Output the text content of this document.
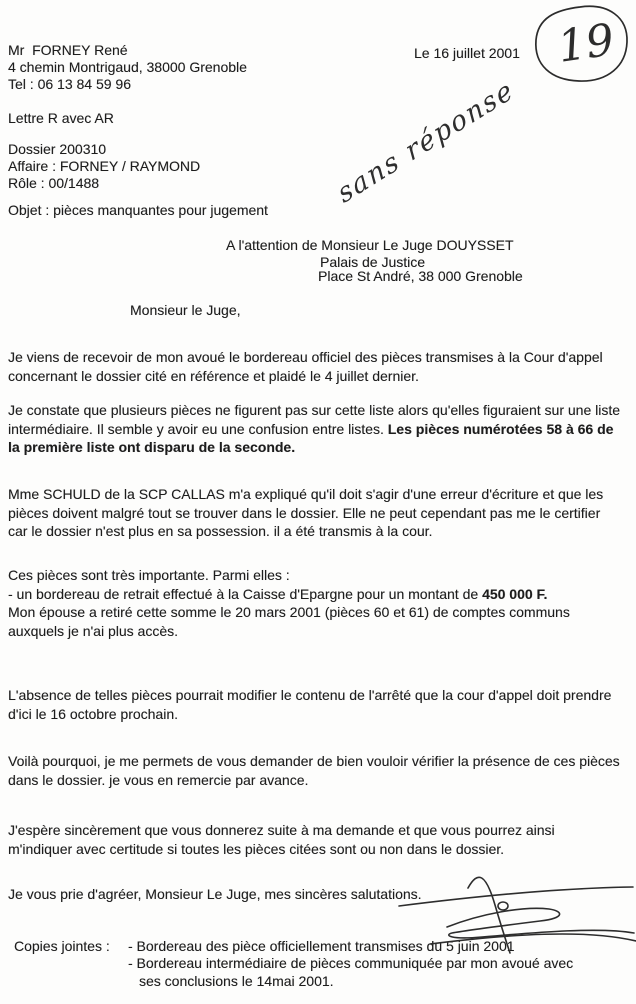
Mr  FORNEY René
4 chemin Montrigaud, 38000 Grenoble
Tel : 06 13 84 59 96
Le 16 juillet 2001 19
sans réponse
Lettre R avec AR
Dossier 200310
Affaire : FORNEY / RAYMOND
Rôle : 00/1488
Objet : pièces manquantes pour jugement
A l'attention de Monsieur Le Juge DOUYSSET
Palais de Justice
Place St André, 38 000 Grenoble
Monsieur le Juge,
Je viens de recevoir de mon avoué le bordereau officiel des pièces transmises à la Cour d'appel concernant le dossier cité en référence et plaidé le 4 juillet dernier.
Je constate que plusieurs pièces ne figurent pas sur cette liste alors qu'elles figuraient sur une liste intermédiaire. Il semble y avoir eu une confusion entre listes. Les pièces numérotées 58 à 66 de la première liste ont disparu de la seconde.
Mme SCHULD de la SCP CALLAS m'a expliqué qu'il doit s'agir d'une erreur d'écriture et que les pièces doivent malgré tout se trouver dans le dossier. Elle ne peut cependant pas me le certifier car le dossier n'est plus en sa possession. il a été transmis à la cour.
Ces pièces sont très importante. Parmi elles :
- un bordereau de retrait effectué à la Caisse d'Epargne pour un montant de 450 000 F.
Mon épouse a retiré cette somme le 20 mars 2001 (pièces 60 et 61) de comptes communs auxquels je n'ai plus accès.
L'absence de telles pièces pourrait modifier le contenu de l'arrêté que la cour d'appel doit prendre d'ici le 16 octobre prochain.
Voilà pourquoi, je me permets de vous demander de bien vouloir vérifier la présence de ces pièces dans le dossier. je vous en remercie par avance.
J'espère sincèrement que vous donnerez suite à ma demande et que vous pourrez ainsi m'indiquer avec certitude si toutes les pièces citées sont ou non dans le dossier.
Je vous prie d'agréer, Monsieur Le Juge, mes sincères salutations.
Copies jointes : - Bordereau des pièce officiellement transmises du 5 juin 2001
- Bordereau intermédiaire de pièces communiquée par mon avoué avec ses conclusions le 14mai 2001.
